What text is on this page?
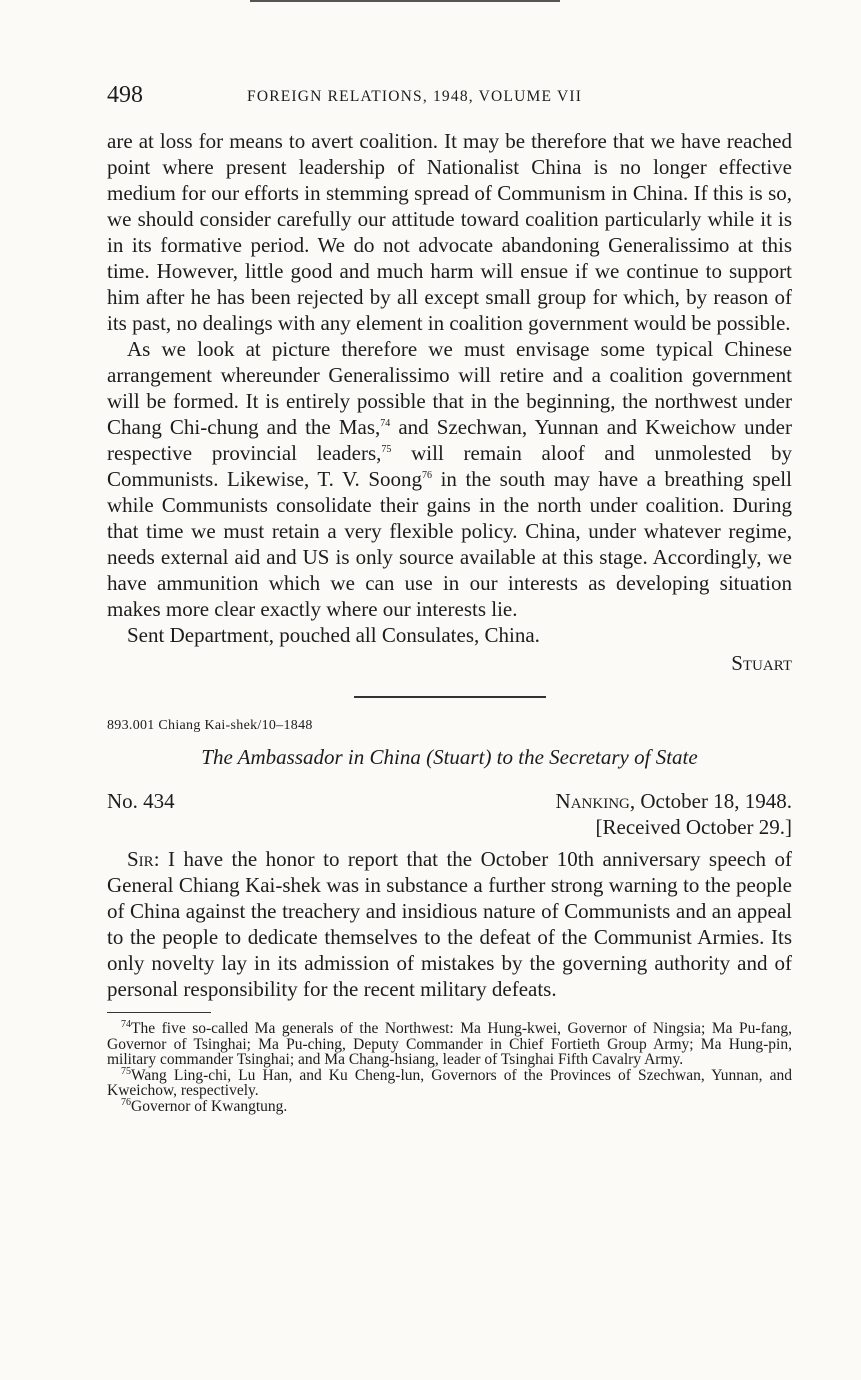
498	FOREIGN RELATIONS, 1948, VOLUME VII

are at loss for means to avert coalition. It may be therefore that we have reached point where present leadership of Nationalist China is no longer effective medium for our efforts in stemming spread of Communism in China. If this is so, we should consider carefully our attitude toward coalition particularly while it is in its formative period. We do not advocate abandoning Generalissimo at this time. However, little good and much harm will ensue if we continue to support him after he has been rejected by all except small group for which, by reason of its past, no dealings with any element in coalition government would be possible.

As we look at picture therefore we must envisage some typical Chinese arrangement whereunder Generalissimo will retire and a coalition government will be formed. It is entirely possible that in the beginning, the northwest under Chang Chi-chung and the Mas,$^{74}$ and Szechwan, Yunnan and Kweichow under respective provincial leaders,$^{75}$ will remain aloof and unmolested by Communists. Likewise, T. V. Soong$^{76}$ in the south may have a breathing spell while Communists consolidate their gains in the north under coalition. During that time we must retain a very flexible policy. China, under whatever regime, needs external aid and US is only source available at this stage. Accordingly, we have ammunition which we can use in our interests as developing situation makes more clear exactly where our interests lie.

Sent Department, pouched all Consulates, China.

Stuart

893.001 Chiang Kai-shek/10–1848

The Ambassador in China (Stuart) to the Secretary of State

No. 434	Nanking, October 18, 1948.

[Received October 29.]

Sir: I have the honor to report that the October 10th anniversary speech of General Chiang Kai-shek was in substance a further strong warning to the people of China against the treachery and insidious nature of Communists and an appeal to the people to dedicate themselves to the defeat of the Communist Armies. Its only novelty lay in its admission of mistakes by the governing authority and of personal responsibility for the recent military defeats.

$^{74}$The five so-called Ma generals of the Northwest: Ma Hung-kwei, Governor of Ningsia; Ma Pu-fang, Governor of Tsinghai; Ma Pu-ching, Deputy Commander in Chief Fortieth Group Army; Ma Hung-pin, military commander Tsinghai; and Ma Chang-hsiang, leader of Tsinghai Fifth Cavalry Army.

$^{75}$Wang Ling-chi, Lu Han, and Ku Cheng-lun, Governors of the Provinces of Szechwan, Yunnan, and Kweichow, respectively.

$^{76}$Governor of Kwangtung.
